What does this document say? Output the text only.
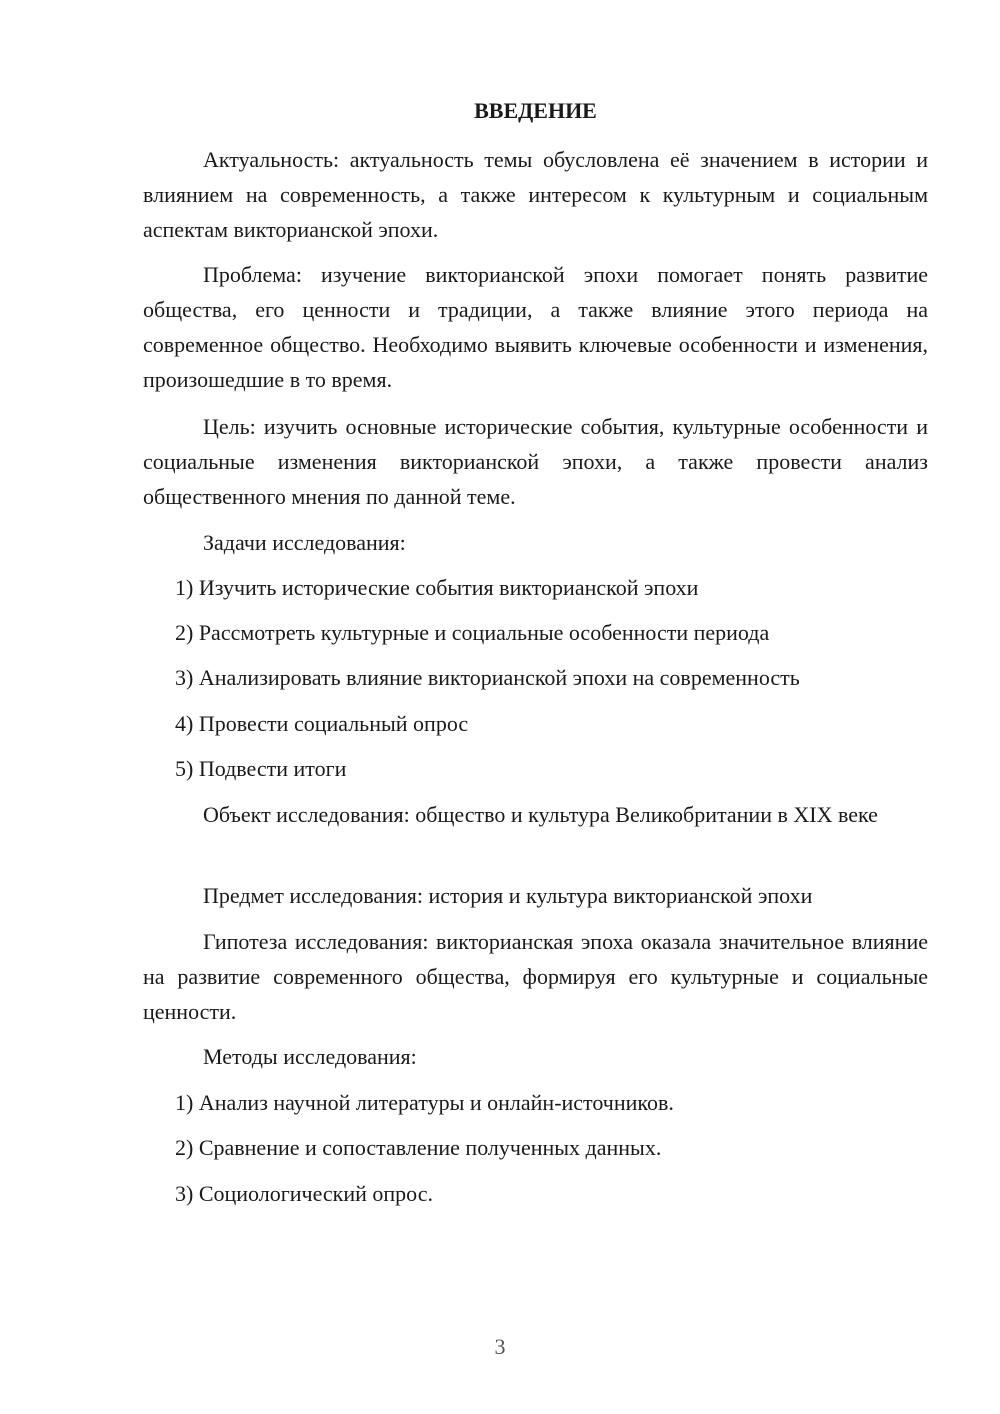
ВВЕДЕНИЕ

Актуальность: актуальность темы обусловлена её значением в истории и влиянием на современность, а также интересом к культурным и социальным аспектам викторианской эпохи.

Проблема: изучение викторианской эпохи помогает понять развитие общества, его ценности и традиции, а также влияние этого периода на современное общество. Необходимо выявить ключевые особенности и изменения, произошедшие в то время.

Цель: изучить основные исторические события, культурные особенности и социальные изменения викторианской эпохи, а также провести анализ общественного мнения по данной теме.

Задачи исследования:

1) Изучить исторические события викторианской эпохи

2) Рассмотреть культурные и социальные особенности периода

3) Анализировать влияние викторианской эпохи на современность

4) Провести социальный опрос

5) Подвести итоги

Объект исследования: общество и культура Великобритании в XIX веке

Предмет исследования: история и культура викторианской эпохи

Гипотеза исследования: викторианская эпоха оказала значительное влияние на развитие современного общества, формируя его культурные и социальные ценности.

Методы исследования:

1) Анализ научной литературы и онлайн-источников.

2) Сравнение и сопоставление полученных данных.

3) Социологический опрос.

3
